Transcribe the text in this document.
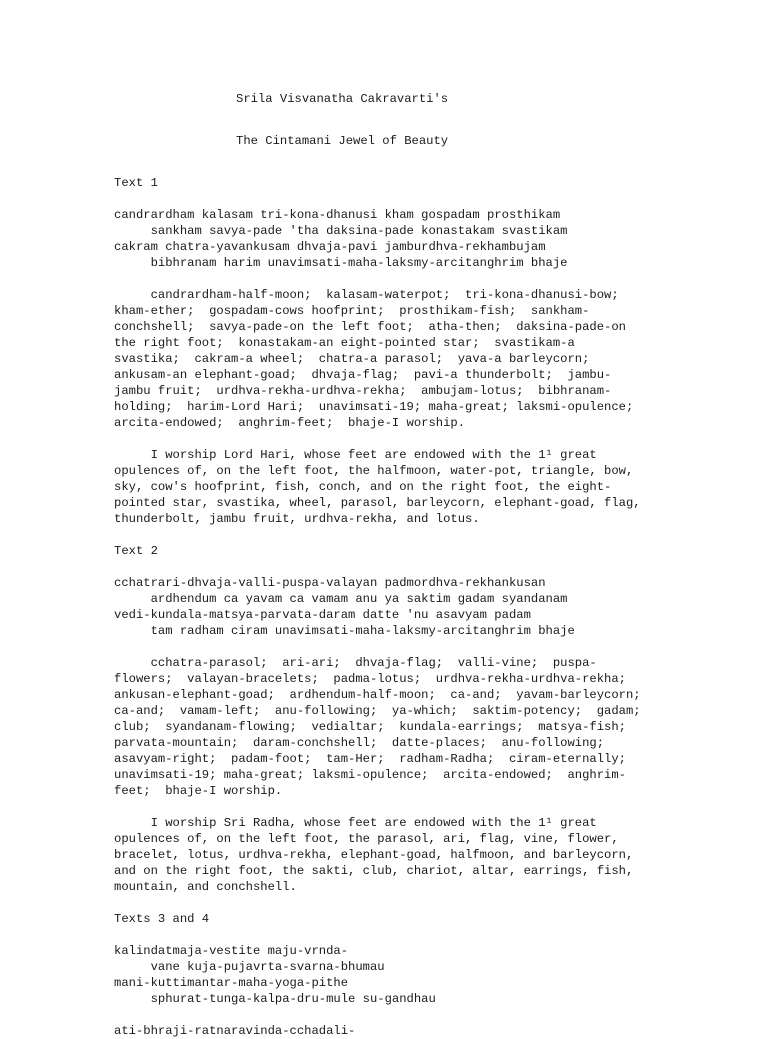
Srila Visvanatha Cakravarti's
The Cintamani Jewel of Beauty
Text 1
candrardham kalasam tri-kona-dhanusi kham gospadam prosthikam
sankham savya-pade 'tha daksina-pade konastakam svastikam
cakram chatra-yavankusam dhvaja-pavi jamburdhva-rekhambujam
bibhranam harim unavimsati-maha-laksmy-arcitanghrim bhaje
candrardham-half-moon;  kalasam-waterpot;  tri-kona-dhanusi-bow;
kham-ether;  gospadam-cows hoofprint;  prosthikam-fish;  sankham-
conchshell;  savya-pade-on the left foot;  atha-then;  daksina-pade-on
the right foot;  konastakam-an eight-pointed star;  svastikam-a
svastika;  cakram-a wheel;  chatra-a parasol;  yava-a barleycorn;
ankusam-an elephant-goad;  dhvaja-flag;  pavi-a thunderbolt;  jambu-
jambu fruit;  urdhva-rekha-urdhva-rekha;  ambujam-lotus;  bibhranam-
holding;  harim-Lord Hari;  unavimsati-19; maha-great; laksmi-opulence;
arcita-endowed;  anghrim-feet;  bhaje-I worship.
I worship Lord Hari, whose feet are endowed with the 1¹ great
opulences of, on the left foot, the halfmoon, water-pot, triangle, bow,
sky, cow's hoofprint, fish, conch, and on the right foot, the eight-
pointed star, svastika, wheel, parasol, barleycorn, elephant-goad, flag,
thunderbolt, jambu fruit, urdhva-rekha, and lotus.
Text 2
cchatrari-dhvaja-valli-puspa-valayan padmordhva-rekhankusan
ardhendum ca yavam ca vamam anu ya saktim gadam syandanam
vedi-kundala-matsya-parvata-daram datte 'nu asavyam padam
tam radham ciram unavimsati-maha-laksmy-arcitanghrim bhaje
cchatra-parasol;  ari-ari;  dhvaja-flag;  valli-vine;  puspa-
flowers;  valayan-bracelets;  padma-lotus;  urdhva-rekha-urdhva-rekha;
ankusan-elephant-goad;  ardhendum-half-moon;  ca-and;  yavam-barleycorn;
ca-and;  vamam-left;  anu-following;  ya-which;  saktim-potency;  gadam;
club;  syandanam-flowing;  vedialtar;  kundala-earrings;  matsya-fish;
parvata-mountain;  daram-conchshell;  datte-places;  anu-following;
asavyam-right;  padam-foot;  tam-Her;  radham-Radha;  ciram-eternally;
unavimsati-19; maha-great; laksmi-opulence;  arcita-endowed;  anghrim-
feet;  bhaje-I worship.
I worship Sri Radha, whose feet are endowed with the 1¹ great
opulences of, on the left foot, the parasol, ari, flag, vine, flower,
bracelet, lotus, urdhva-rekha, elephant-goad, halfmoon, and barleycorn,
and on the right foot, the sakti, club, chariot, altar, earrings, fish,
mountain, and conchshell.
Texts 3 and 4
kalindatmaja-vestite maju-vrnda-
vane kuja-pujavrta-svarna-bhumau
mani-kuttimantar-maha-yoga-pithe
sphurat-tunga-kalpa-dru-mule su-gandhau
ati-bhraji-ratnaravinda-cchadali-
